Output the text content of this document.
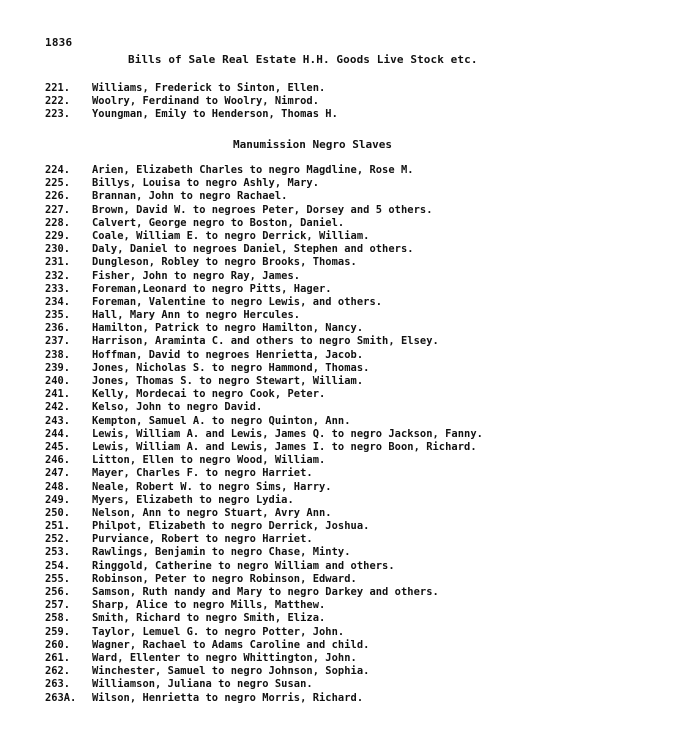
1836
Bills of Sale Real Estate H.H. Goods Live Stock etc.
221.	Williams, Frederick to Sinton, Ellen.
222.	Woolry, Ferdinand to Woolry, Nimrod.
223.	Youngman, Emily to Henderson, Thomas H.
Manumission Negro Slaves
224.	Arien, Elizabeth Charles to negro Magdline, Rose M.
225.	Billys, Louisa to negro Ashly, Mary.
226.	Brannan, John to negro Rachael.
227.	Brown, David W. to negroes Peter, Dorsey and 5 others.
228.	Calvert, George negro to Boston, Daniel.
229.	Coale, William E. to negro Derrick, William.
230.	Daly, Daniel to negroes Daniel, Stephen and others.
231.	Dungleson, Robley to negro Brooks, Thomas.
232.	Fisher, John to negro Ray, James.
233.	Foreman,Leonard to negro Pitts, Hager.
234.	Foreman, Valentine to negro Lewis, and others.
235.	Hall, Mary Ann to negro Hercules.
236.	Hamilton, Patrick to negro Hamilton, Nancy.
237.	Harrison, Araminta C. and others to negro Smith, Elsey.
238.	Hoffman, David to negroes Henrietta, Jacob.
239.	Jones, Nicholas S. to negro Hammond, Thomas.
240.	Jones, Thomas S. to negro Stewart, William.
241.	Kelly, Mordecai to negro Cook, Peter.
242.	Kelso, John to negro David.
243.	Kempton, Samuel A. to negro Quinton, Ann.
244.	Lewis, William A. and Lewis, James Q. to negro Jackson, Fanny.
245.	Lewis, William A. and Lewis, James I. to negro Boon, Richard.
246.	Litton, Ellen to negro Wood, William.
247.	Mayer, Charles F. to negro Harriet.
248.	Neale, Robert W. to negro Sims, Harry.
249.	Myers, Elizabeth to negro Lydia.
250.	Nelson, Ann to negro Stuart, Avry Ann.
251.	Philpot, Elizabeth to negro Derrick, Joshua.
252.	Purviance, Robert to negro Harriet.
253.	Rawlings, Benjamin to negro Chase, Minty.
254.	Ringgold, Catherine to negro William and others.
255.	Robinson, Peter to negro Robinson, Edward.
256.	Samson, Ruth nandy and Mary to negro Darkey and others.
257.	Sharp, Alice to negro Mills, Matthew.
258.	Smith, Richard to negro Smith, Eliza.
259.	Taylor, Lemuel G. to negro Potter, John.
260.	Wagner, Rachael to Adams Caroline and child.
261.	Ward, Ellenter to negro Whittington, John.
262.	Winchester, Samuel to negro Johnson, Sophia.
263.	Williamson, Juliana to negro Susan.
263A.	Wilson, Henrietta to negro Morris, Richard.
